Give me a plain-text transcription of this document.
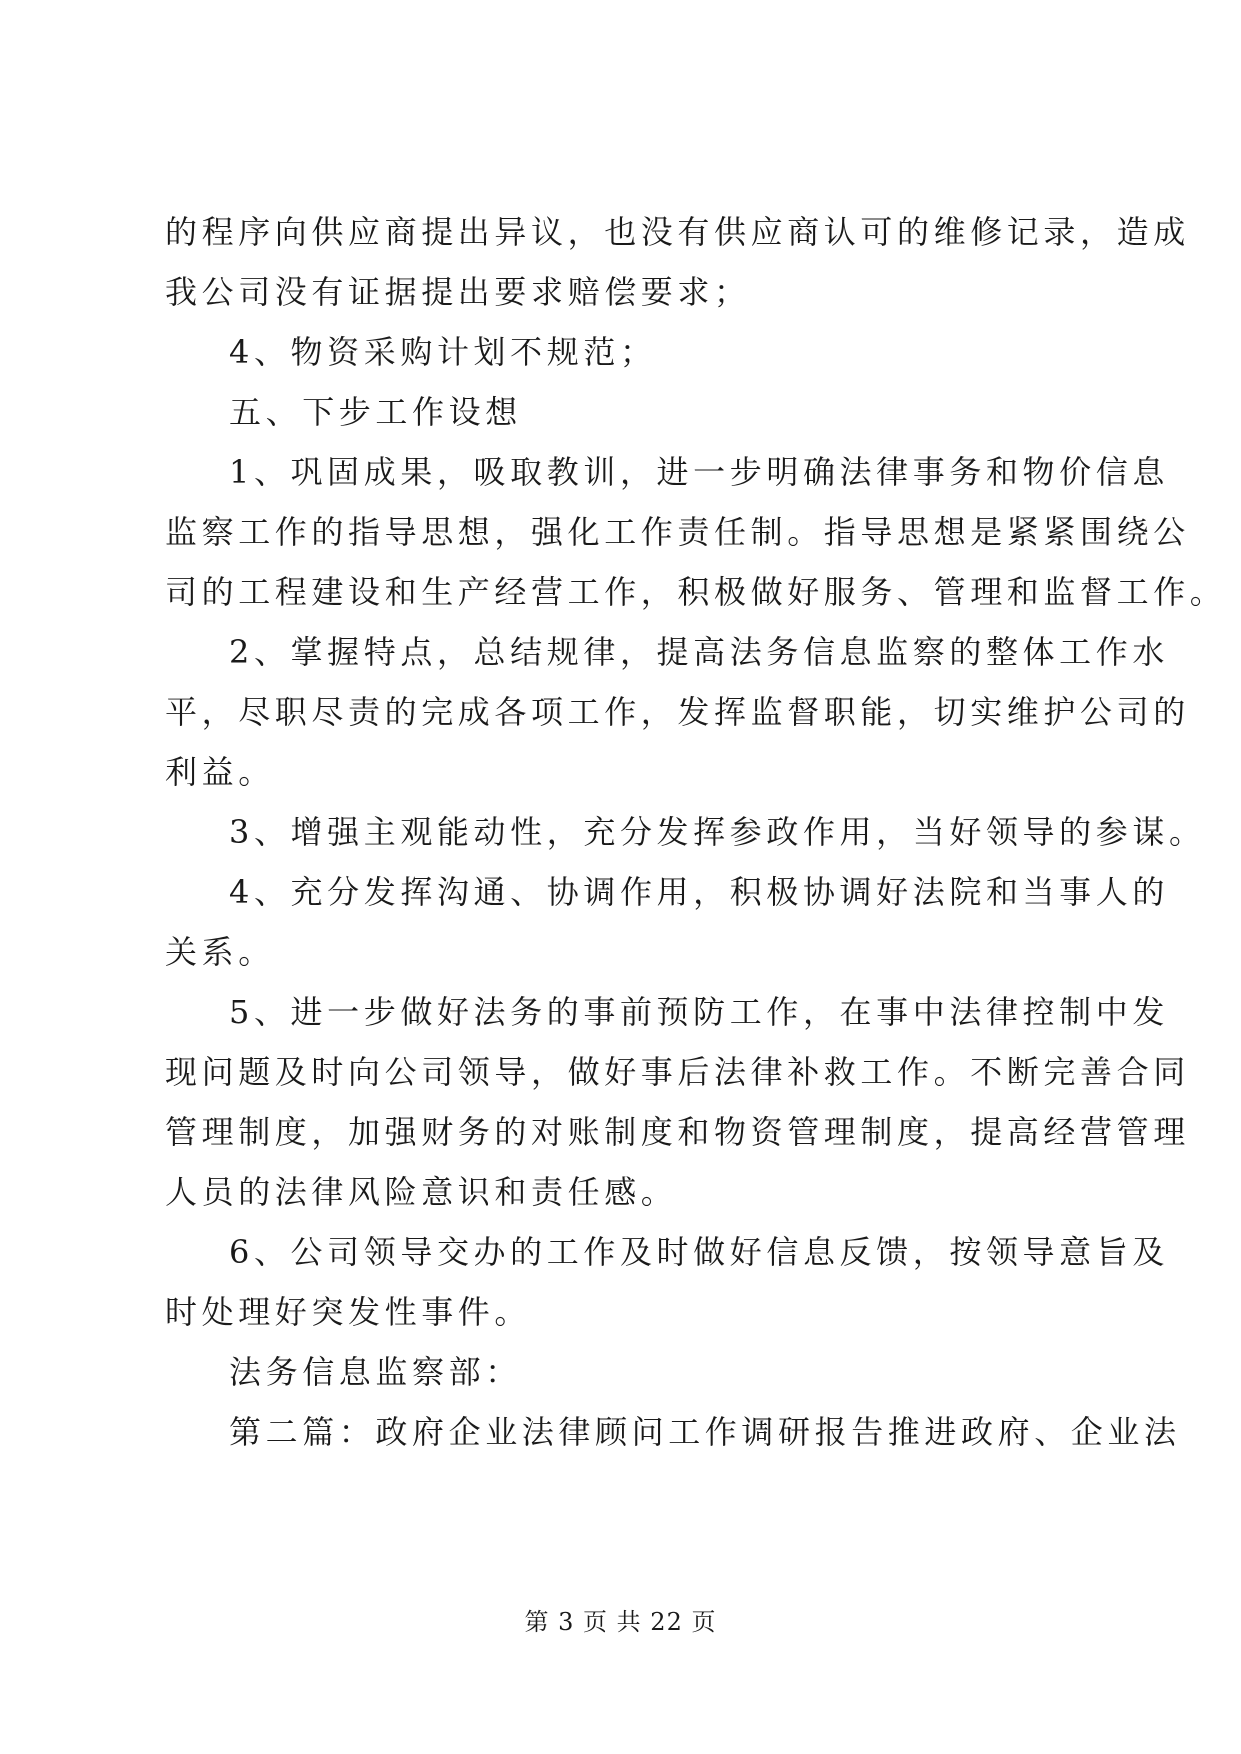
的程序向供应商提出异议，也没有供应商认可的维修记录，造成
我公司没有证据提出要求赔偿要求；
4、物资采购计划不规范；
五、下步工作设想
1、巩固成果，吸取教训，进一步明确法律事务和物价信息
监察工作的指导思想，强化工作责任制。指导思想是紧紧围绕公
司的工程建设和生产经营工作，积极做好服务、管理和监督工作。
2、掌握特点，总结规律，提高法务信息监察的整体工作水
平，尽职尽责的完成各项工作，发挥监督职能，切实维护公司的
利益。
3、增强主观能动性，充分发挥参政作用，当好领导的参谋。
4、充分发挥沟通、协调作用，积极协调好法院和当事人的
关系。
5、进一步做好法务的事前预防工作，在事中法律控制中发
现问题及时向公司领导，做好事后法律补救工作。不断完善合同
管理制度，加强财务的对账制度和物资管理制度，提高经营管理
人员的法律风险意识和责任感。
6、公司领导交办的工作及时做好信息反馈，按领导意旨及
时处理好突发性事件。
法务信息监察部：
第二篇：政府企业法律顾问工作调研报告推进政府、企业法
第 3 页 共 22 页
